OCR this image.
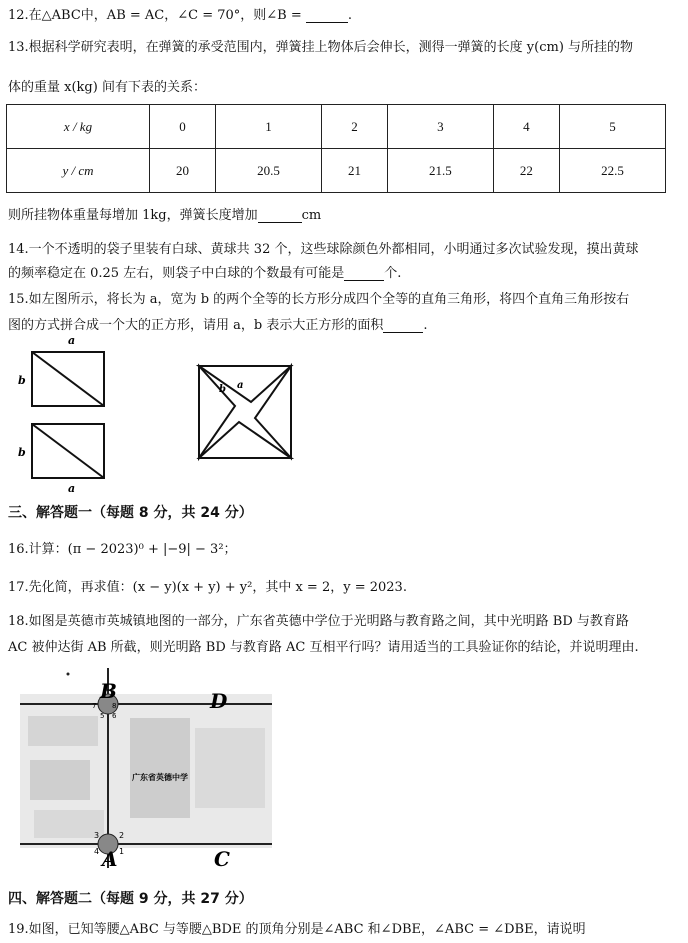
12.在△ABC中，AB = AC，∠C = 70°，则∠B =	.
13.根据科学研究表明，在弹簧的承受范围内，弹簧挂上物体后会伸长，测得一弹簧的长度 y(cm) 与所挂的物
体的重量 x(kg) 间有下表的关系：
x / kg	0	1	2	3	4	5
y / cm	20	20.5	21	21.5	22	22.5
则所挂物体重量每增加 1kg，弹簧长度增加	cm
14.一个不透明的袋子里装有白球、黄球共 32 个，这些球除颜色外都相同，小明通过多次试验发现，摸出黄球
的频率稳定在 0.25 左右，则袋子中白球的个数最有可能是	个.
15.如左图所示，将长为 a，宽为 b 的两个全等的长方形分成四个全等的直角三角形，将四个直角三角形按右
图的方式拼合成一个大的正方形，请用 a，b 表示大正方形的面积	.
a
b
b
a
a
b
三、解答题一（每题 8 分，共 24 分）
16.计算：(π − 2023)⁰ + |−9| − 3²；
17.先化简，再求值：(x − y)(x + y) + y²，其中 x = 2，y = 2023.
18.如图是英德市英城镇地图的一部分，广东省英德中学位于光明路与教育路之间，其中光明路 BD 与教育路
AC 被仲达街 AB 所截，则光明路 BD 与教育路 AC 互相平行吗？请用适当的工具验证你的结论，并说明理由.
B	D
A	C
7 8
5 6
3 2
4 1
广东省英德中学
四、解答题二（每题 9 分，共 27 分）
19.如图，已知等腰△ABC 与等腰△BDE 的顶角分别是∠ABC 和∠DBE，∠ABC = ∠DBE，请说明
